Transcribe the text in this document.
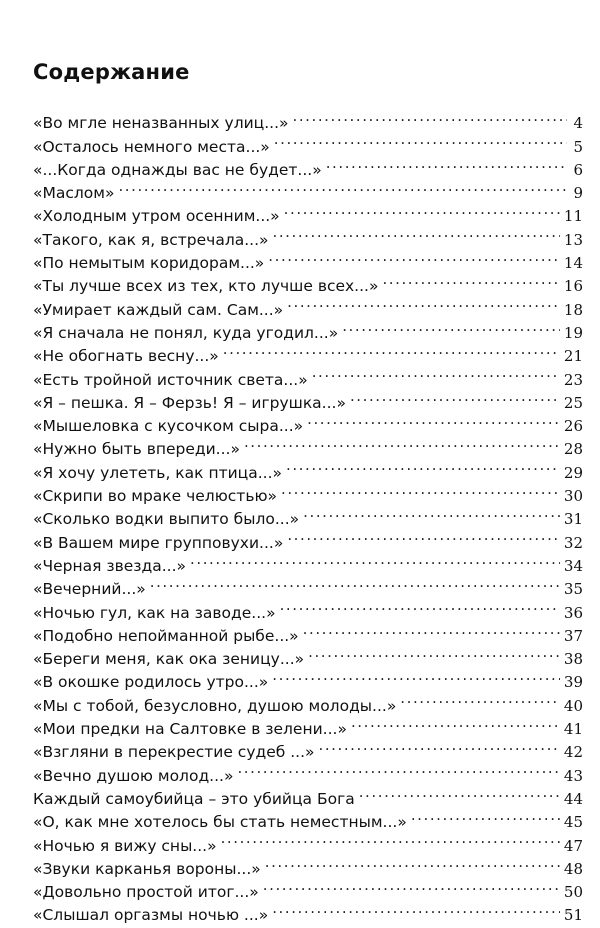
Содержание
«Во мгле неназванных улиц...» . . .	4
«Осталось немного места...» . . .	5
«...Когда однажды вас не будет...» . . .	6
«Маслом» . . .	9
«Холодным утром осенним...» . . .	11
«Такого, как я, встречала...» . . .	13
«По немытым коридорам...» . . .	14
«Ты лучше всех из тех, кто лучше всех...» . . .	16
«Умирает каждый сам. Сам...» . . .	18
«Я сначала не понял, куда угодил...» . . .	19
«Не обогнать весну...» . . .	21
«Есть тройной источник света...» . . .	23
«Я – пешка. Я – Ферзь! Я – игрушка...» . . .	25
«Мышеловка с кусочком сыра...» . . .	26
«Нужно быть впереди...» . . .	28
«Я хочу улететь, как птица...» . . .	29
«Скрипи во мраке челюстью» . . .	30
«Сколько водки выпито было...» . . .	31
«В Вашем мире групповухи...» . . .	32
«Черная звезда...» . . .	34
«Вечерний...» . . .	35
«Ночью гул, как на заводе...» . . .	36
«Подобно непойманной рыбе...» . . .	37
«Береги меня, как ока зеницу...» . . .	38
«В окошке родилось утро...» . . .	39
«Мы с тобой, безусловно, душою молоды...» . . .	40
«Мои предки на Салтовке в зелени...» . . .	41
«Взгляни в перекрестие судеб ...» . . .	42
«Вечно душою молод...» . . .	43
Каждый самоубийца – это убийца Бога . . .	44
«О, как мне хотелось бы стать неместным...» . . .	45
«Ночью я вижу сны...» . . .	47
«Звуки карканья вороны...» . . .	48
«Довольно простой итог...» . . .	50
«Слышал оргазмы ночью ...» . . .	51
